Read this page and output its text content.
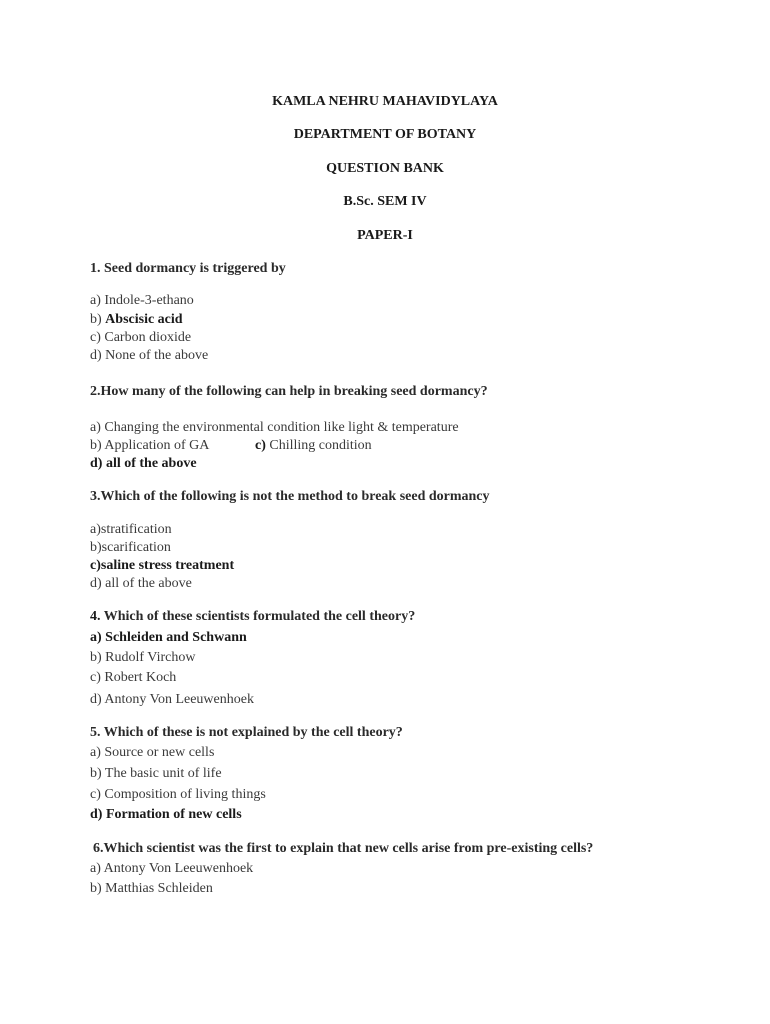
KAMLA NEHRU MAHAVIDYLAYA
DEPARTMENT OF BOTANY
QUESTION BANK
B.Sc. SEM IV
PAPER-I
1. Seed dormancy is triggered by
a) Indole-3-ethano
b) Abscisic acid
c) Carbon dioxide
d) None of the above
2.How many of the following can help in breaking seed dormancy?
a) Changing the environmental condition like light & temperature
b) Application of GA	c) Chilling condition
d) all of the above
3.Which of the following is not the method to break seed dormancy
a)stratification
b)scarification
c)saline stress treatment
d) all of the above
4. Which of these scientists formulated the cell theory?
a) Schleiden and Schwann
b) Rudolf Virchow
c) Robert Koch
d) Antony Von Leeuwenhoek
5. Which of these is not explained by the cell theory?
a) Source or new cells
b) The basic unit of life
c) Composition of living things
d) Formation of new cells
6.Which scientist was the first to explain that new cells arise from pre-existing cells?
a) Antony Von Leeuwenhoek
b) Matthias Schleiden
